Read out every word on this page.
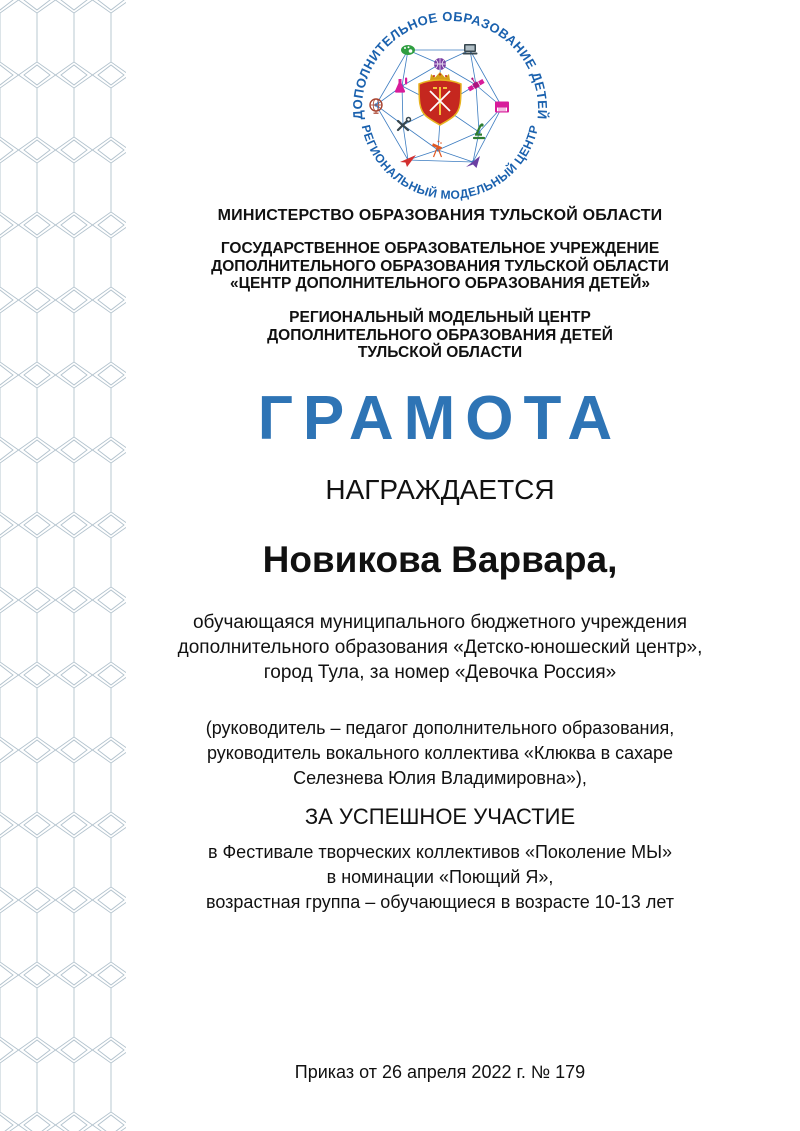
ДОПОЛНИТЕЛЬНОЕ ОБРАЗОВАНИЕ ДЕТЕЙ
РЕГИОНАЛЬНЫЙ МОДЕЛЬНЫЙ ЦЕНТР
МИНИСТЕРСТВО ОБРАЗОВАНИЯ ТУЛЬСКОЙ ОБЛАСТИ
ГОСУДАРСТВЕННОЕ ОБРАЗОВАТЕЛЬНОЕ УЧРЕЖДЕНИЕ
ДОПОЛНИТЕЛЬНОГО ОБРАЗОВАНИЯ ТУЛЬСКОЙ ОБЛАСТИ
«ЦЕНТР ДОПОЛНИТЕЛЬНОГО ОБРАЗОВАНИЯ ДЕТЕЙ»
РЕГИОНАЛЬНЫЙ МОДЕЛЬНЫЙ ЦЕНТР
ДОПОЛНИТЕЛЬНОГО ОБРАЗОВАНИЯ ДЕТЕЙ
ТУЛЬСКОЙ ОБЛАСТИ
ГРАМОТА
НАГРАЖДАЕТСЯ
Новикова Варвара,
обучающаяся муниципального бюджетного учреждения
дополнительного образования «Детско-юношеский центр»,
город Тула, за номер «Девочка Россия»
(руководитель – педагог дополнительного образования,
руководитель вокального коллектива «Клюква в сахаре
Селезнева Юлия Владимировна»),
ЗА УСПЕШНОЕ УЧАСТИЕ
в Фестивале творческих коллективов «Поколение МЫ»
в номинации «Поющий Я»,
возрастная группа – обучающиеся в возрасте 10-13 лет
Приказ от 26 апреля 2022 г. № 179
